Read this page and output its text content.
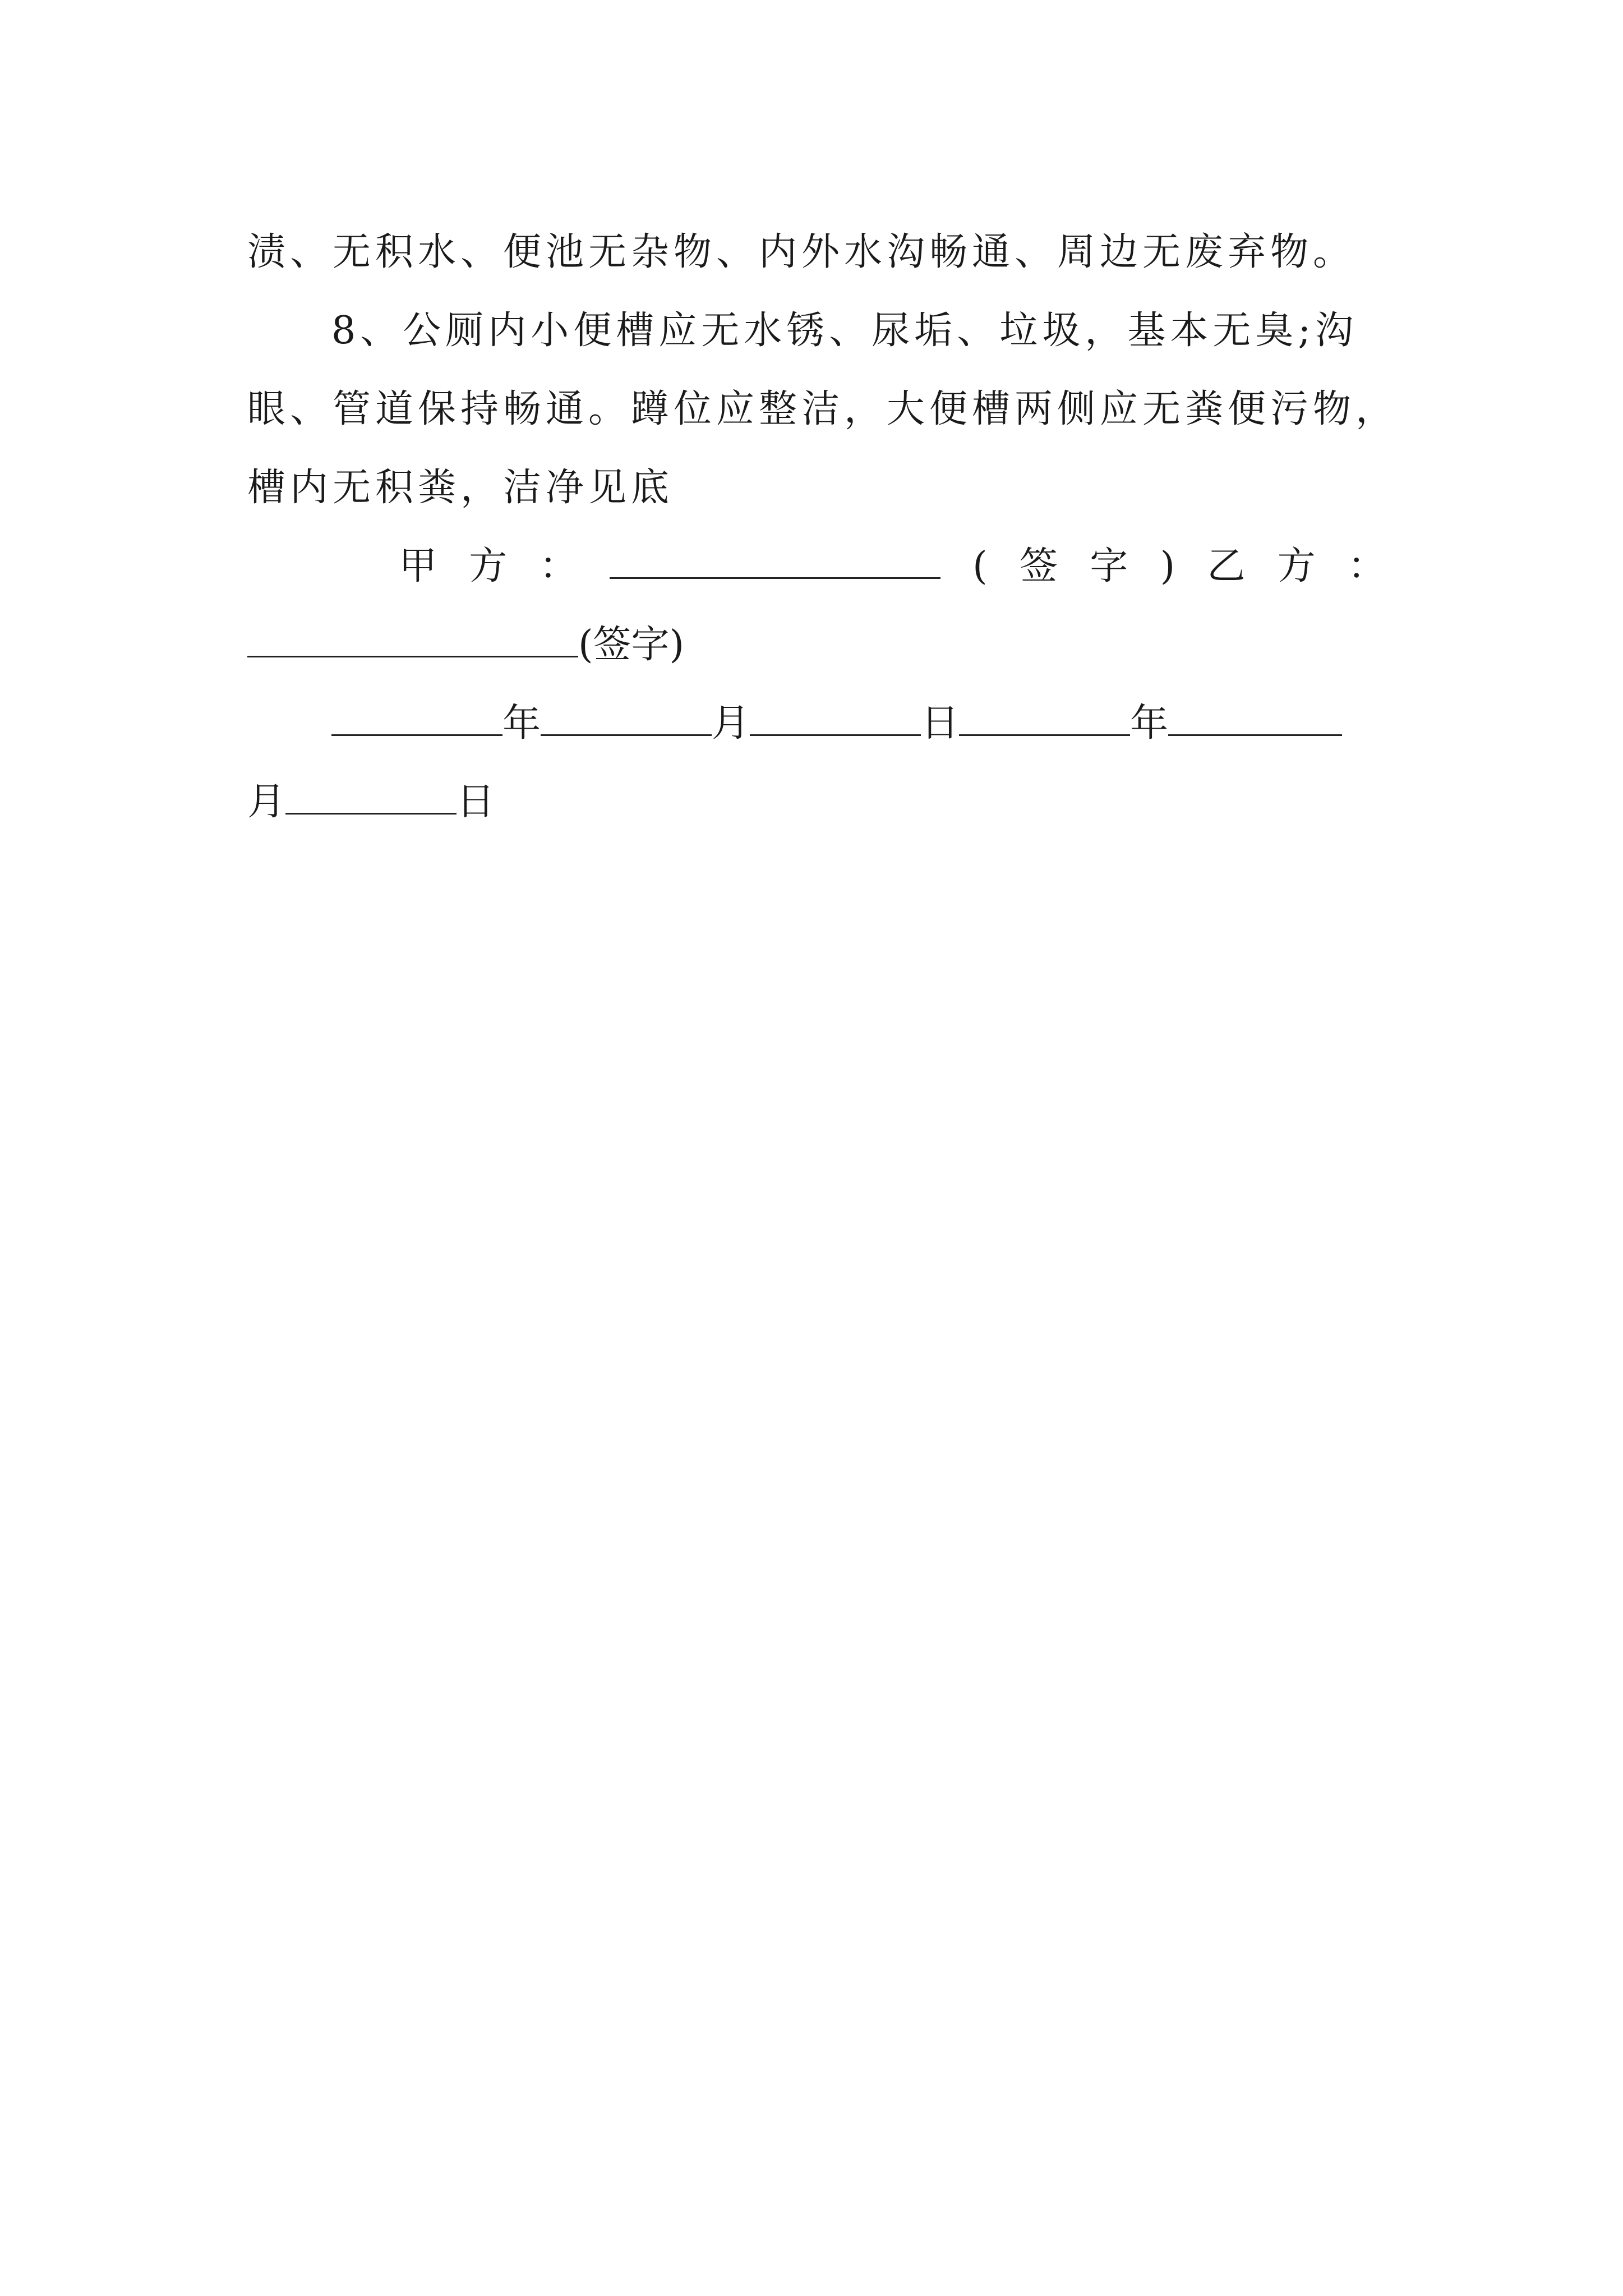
渍、无积水、便池无杂物、内外水沟畅通、周边无废弃物。
8、公厕内小便槽应无水锈、尿垢、垃圾，基本无臭;沟
眼、管道保持畅通。蹲位应整洁，大便槽两侧应无粪便污物，
槽内无积粪，洁净见底
甲 方 ：	( 签 字 ) 乙 方 ：
(签字)
年	月	日	年
月	日
